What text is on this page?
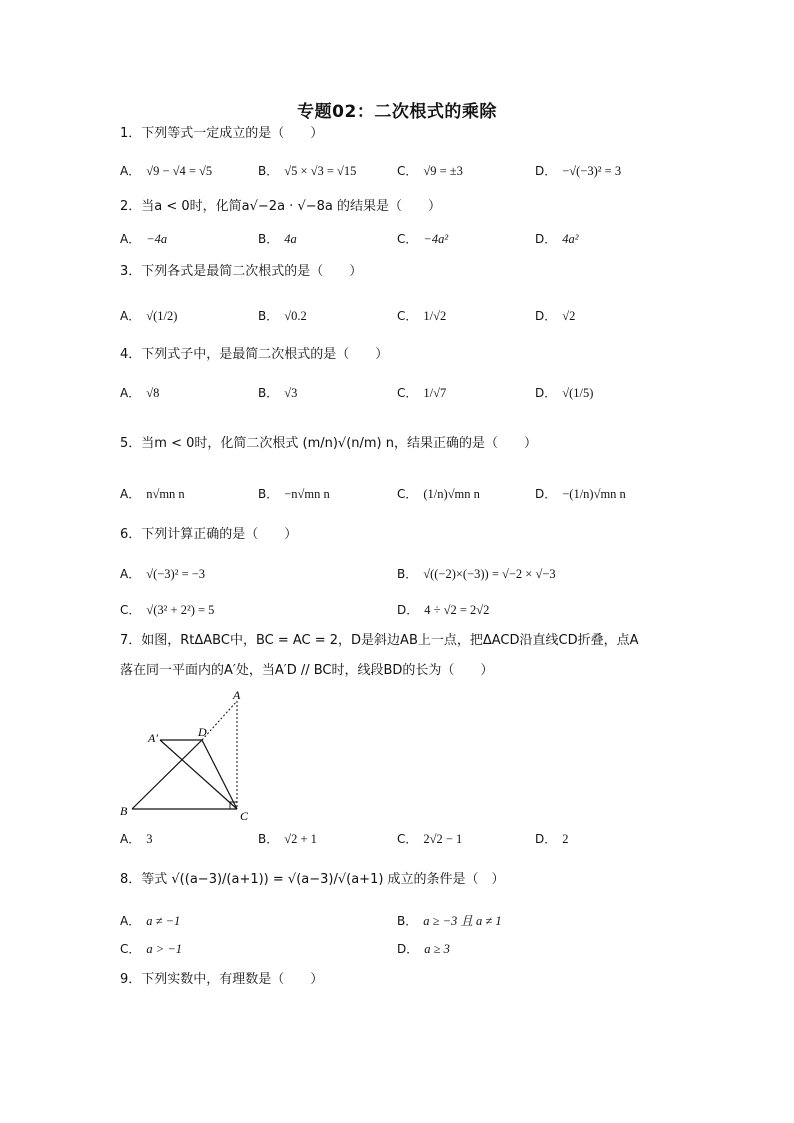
专题02：二次根式的乘除
1．下列等式一定成立的是（　　）
A． √9 − √4 = √5	B． √5 × √3 = √15	C． √9 = ±3	D． −√(−3)² = 3
2．当a < 0时，化简a√−2a · √−8a 的结果是（　　）
A． −4a	B． 4a	C． −4a²	D． 4a²
3．下列各式是最简二次根式的是（　　）
A． √(1/2)	B． √0.2	C． 1/√2	D． √2
4．下列式子中，是最简二次根式的是（　　）
A． √8	B． √3	C． 1/√7	D． √(1/5)
5．当m < 0时，化简二次根式 (m/n)√(n/m) n，结果正确的是（　　）
A． n√mn n	B． −n√mn n	C． (1/n)√mn n	D． −(1/n)√mn n
6．下列计算正确的是（　　）
A． √(−3)² = −3	B． √((−2)×(−3)) = √−2 × √−3
C． √(3² + 2²) = 5	D． 4 ÷ √2 = 2√2
7．如图，RtΔABC中，BC = AC = 2，D是斜边AB上一点，把ΔACD沿直线CD折叠，点A
落在同一平面内的A′处，当A′D // BC时，线段BD的长为（　　）
A
A′	D
B	C
A． 3	B． √2 + 1	C． 2√2 − 1	D． 2
8．等式 √((a−3)/(a+1)) = √(a−3)/√(a+1) 成立的条件是（　）
A． a ≠ −1	B． a ≥ −3 且 a ≠ 1
C． a > −1	D． a ≥ 3
9．下列实数中，有理数是（　　）
